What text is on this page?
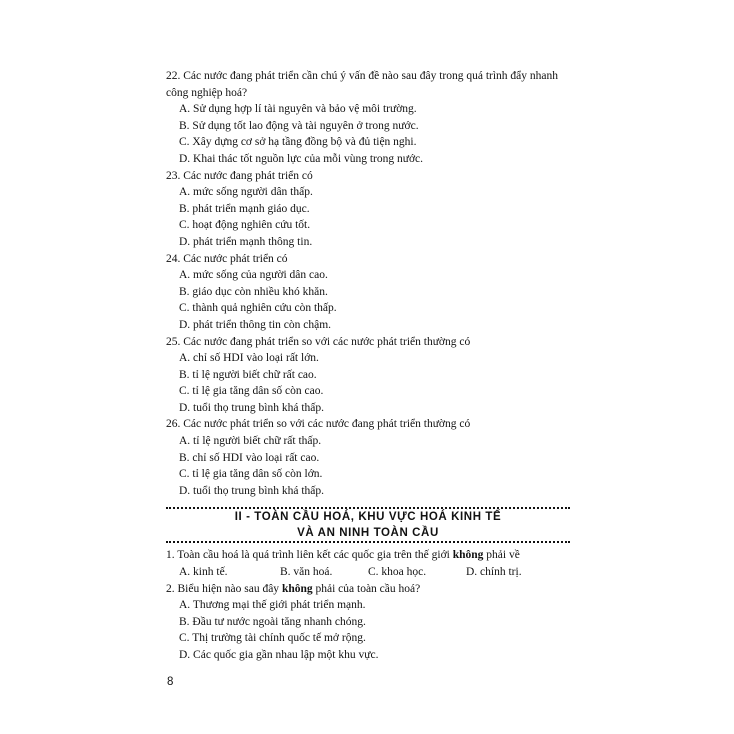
22. Các nước đang phát triển cần chú ý vấn đề nào sau đây trong quá trình đẩy nhanh công nghiệp hoá?
A. Sử dụng hợp lí tài nguyên và bảo vệ môi trường.
B. Sử dụng tốt lao động và tài nguyên ở trong nước.
C. Xây dựng cơ sở hạ tầng đồng bộ và đủ tiện nghi.
D. Khai thác tốt nguồn lực của mỗi vùng trong nước.
23. Các nước đang phát triển có
A. mức sống người dân thấp.
B. phát triển mạnh giáo dục.
C. hoạt động nghiên cứu tốt.
D. phát triển mạnh thông tin.
24. Các nước phát triển có
A. mức sống của người dân cao.
B. giáo dục còn nhiều khó khăn.
C. thành quả nghiên cứu còn thấp.
D. phát triển thông tin còn chậm.
25. Các nước đang phát triển so với các nước phát triển thường có
A. chỉ số HDI vào loại rất lớn.
B. tỉ lệ người biết chữ rất cao.
C. tỉ lệ gia tăng dân số còn cao.
D. tuổi thọ trung bình khá thấp.
26. Các nước phát triển so với các nước đang phát triển thường có
A. tỉ lệ người biết chữ rất thấp.
B. chỉ số HDI vào loại rất cao.
C. tỉ lệ gia tăng dân số còn lớn.
D. tuổi thọ trung bình khá thấp.
II - TOÀN CẦU HOÁ, KHU VỰC HOÁ KINH TẾ
VÀ AN NINH TOÀN CẦU
1. Toàn cầu hoá là quá trình liên kết các quốc gia trên thế giới không phải về
A. kinh tế.	B. văn hoá.	C. khoa học.	D. chính trị.
2. Biểu hiện nào sau đây không phải của toàn cầu hoá?
A. Thương mại thế giới phát triển mạnh.
B. Đầu tư nước ngoài tăng nhanh chóng.
C. Thị trường tài chính quốc tế mở rộng.
D. Các quốc gia gần nhau lập một khu vực.
8
